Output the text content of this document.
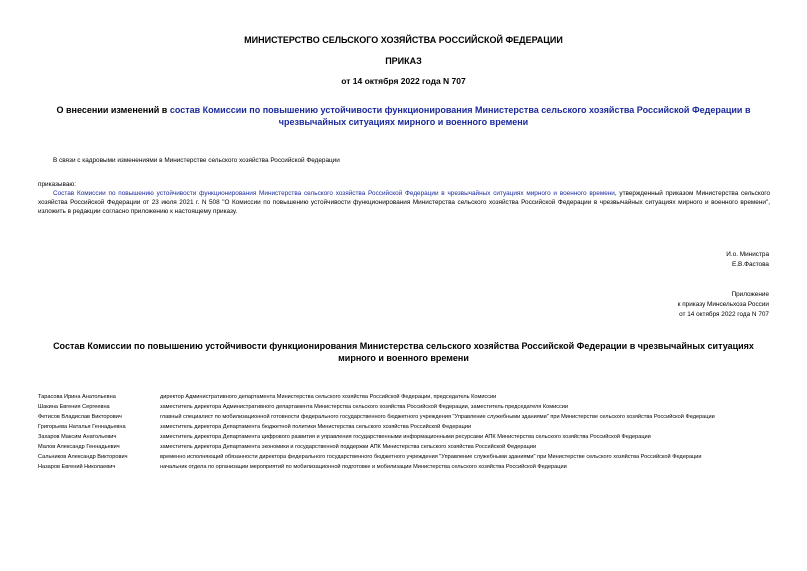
МИНИСТЕРСТВО СЕЛЬСКОГО ХОЗЯЙСТВА РОССИЙСКОЙ ФЕДЕРАЦИИ
ПРИКАЗ
от 14 октября 2022 года N 707
О внесении изменений в состав Комиссии по повышению устойчивости функционирования Министерства сельского хозяйства Российской Федерации в чрезвычайных ситуациях мирного и военного времени
В связи с кадровыми изменениями в Министерстве сельского хозяйства Российской Федерации
приказываю:
Состав Комиссии по повышению устойчивости функционирования Министерства сельского хозяйства Российской Федерации в чрезвычайных ситуациях мирного и военного времени, утвержденный приказом Министерства сельского хозяйства Российской Федерации от 23 июля 2021 г. N 508 "О Комиссии по повышению устойчивости функционирования Министерства сельского хозяйства Российской Федерации в чрезвычайных ситуациях мирного и военного времени", изложить в редакции согласно приложению к настоящему приказу.
И.о. Министра
Е.В.Фастова
Приложение
к приказу Минсельхоза России
от 14 октября 2022 года N 707
Состав Комиссии по повышению устойчивости функционирования Министерства сельского хозяйства Российской Федерации в чрезвычайных ситуациях мирного и военного времени
Тарасова Ирина Анатольевна	директор Административного департамента Министерства сельского хозяйства Российской Федерации, председатель Комиссии
Шакина Евгения Сергеевна	заместитель директора Административного департамента Министерства сельского хозяйства Российской Федерации, заместитель председателя Комиссии
Фетисов Владислав Викторович	главный специалист по мобилизационной готовности федерального государственного бюджетного учреждения "Управление служебными зданиями" при Министерстве сельского хозяйства Российской Федерации
Григорьева Наталья Геннадьевна	заместитель директора Департамента бюджетной политики Министерства сельского хозяйства Российской Федерации
Захаров Максим Анатольевич	заместитель директора Департамента цифрового развития и управления государственными информационными ресурсами АПК Министерства сельского хозяйства Российской Федерации
Малов Александр Геннадьевич	заместитель директора Департамента экономики и государственной поддержки АПК Министерства сельского хозяйства Российской Федерации
Сальников Александр Викторович	временно исполняющий обязанности директора федерального государственного бюджетного учреждения "Управление служебными зданиями" при Министерстве сельского хозяйства Российской Федерации
Назаров Евгений Николаевич	начальник отдела по организации мероприятий по мобилизационной подготовке и мобилизации Министерства сельского хозяйства Российской Федерации
